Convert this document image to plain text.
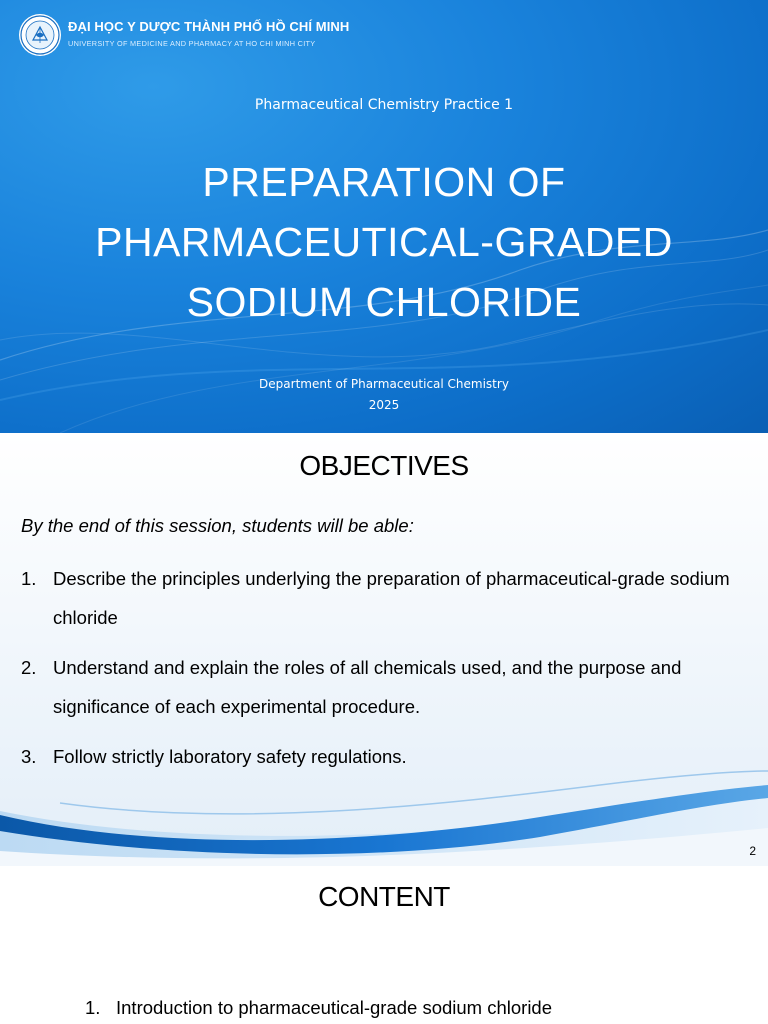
ĐẠI HỌC Y DƯỢC THÀNH PHỐ HỒ CHÍ MINH
UNIVERSITY OF MEDICINE AND PHARMACY AT HO CHI MINH CITY
Pharmaceutical Chemistry Practice 1
PREPARATION OF
PHARMACEUTICAL-GRADED
SODIUM CHLORIDE
Department of Pharmaceutical Chemistry
2025
OBJECTIVES
By the end of this session, students will be able:
1. Describe the principles underlying the preparation of pharmaceutical-grade sodium chloride
2. Understand and explain the roles of all chemicals used, and the purpose and significance of each experimental procedure.
3. Follow strictly laboratory safety regulations.
2
CONTENT
1. Introduction to pharmaceutical-grade sodium chloride
